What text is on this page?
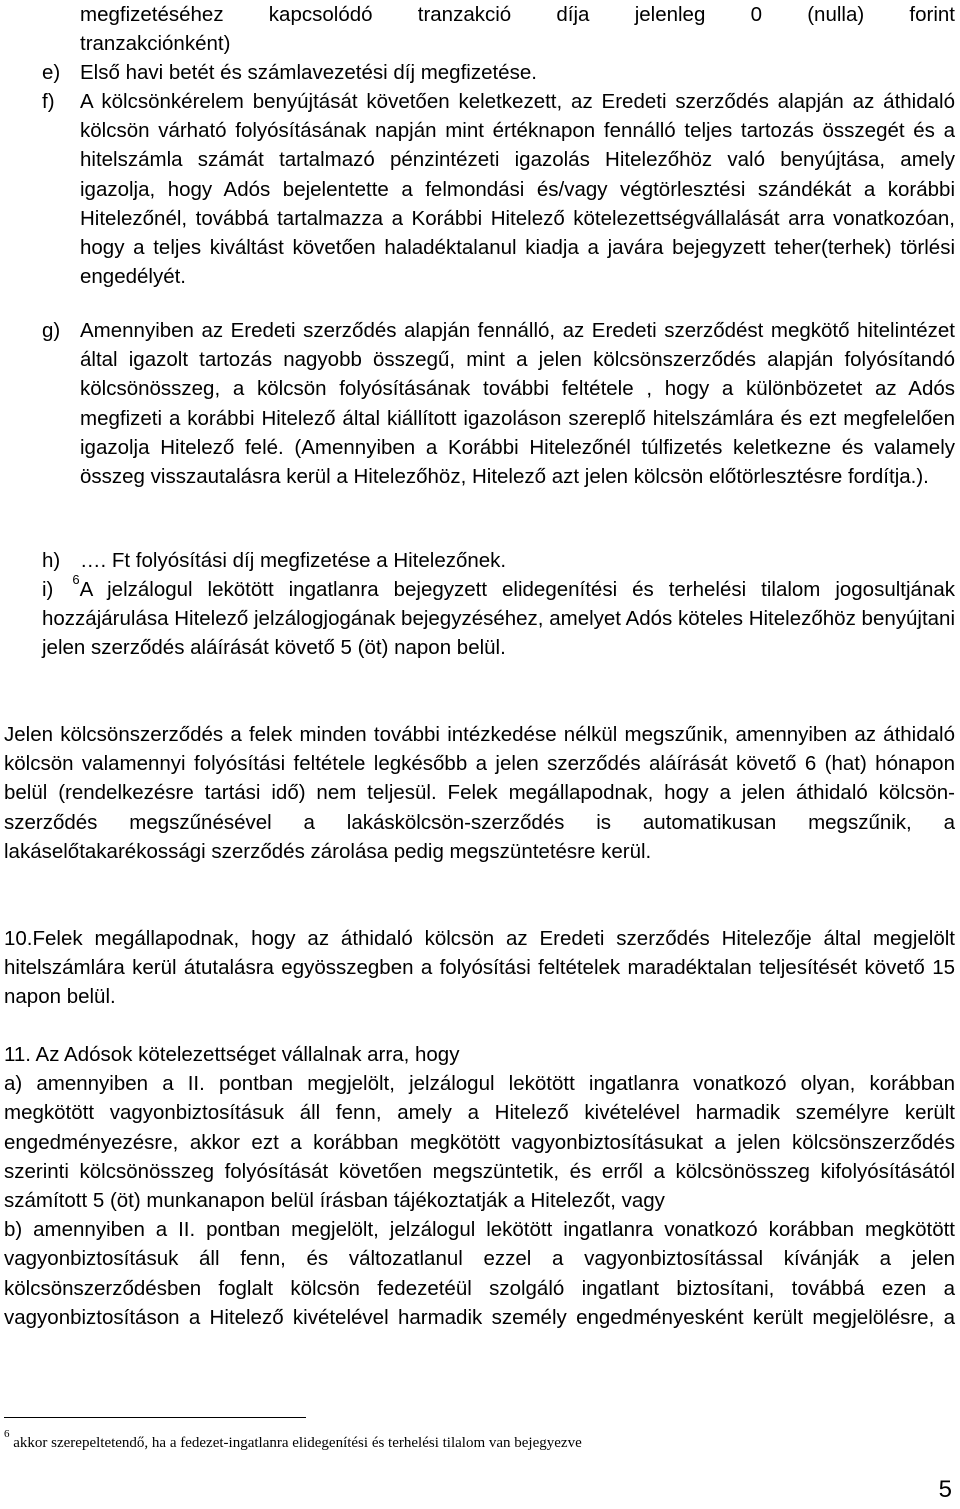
megfizetéséhez kapcsolódó tranzakció díja jelenleg 0 (nulla) forint

tranzakciónként)

e) Első havi betét és számlavezetési díj megfizetése.

f) A kölcsönkérelem benyújtását követően keletkezett, az Eredeti szerződés alapján az áthidaló kölcsön várható folyósításának napján mint értéknapon fennálló teljes tartozás összegét és a hitelszámla számát tartalmazó pénzintézeti igazolás Hitelezőhöz való benyújtása, amely igazolja, hogy Adós bejelentette a felmondási és/vagy végtörlesztési szándékát a korábbi Hitelezőnél, továbbá tartalmazza a Korábbi Hitelező kötelezettségvállalását arra vonatkozóan, hogy a teljes kiváltást követően haladéktalanul kiadja a javára bejegyzett teher(terhek) törlési engedélyét.

g) Amennyiben az Eredeti szerződés alapján fennálló, az Eredeti szerződést megkötő hitelintézet által igazolt tartozás nagyobb összegű, mint a jelen kölcsönszerződés alapján folyósítandó kölcsönösszeg, a kölcsön folyósításának további feltétele , hogy a különbözetet az Adós megfizeti a korábbi Hitelező által kiállított igazoláson szereplő hitelszámlára és ezt megfelelően igazolja Hitelező felé. (Amennyiben a Korábbi Hitelezőnél túlfizetés keletkezne és valamely összeg visszautalásra kerül a Hitelezőhöz, Hitelező azt jelen kölcsön előtörlesztésre fordítja.).

h) …. Ft folyósítási díj megfizetése a Hitelezőnek.

i) $^6$A jelzálogul lekötött ingatlanra bejegyzett elidegenítési és terhelési tilalom jogosultjának hozzájárulása Hitelező jelzálogjogának bejegyzéséhez, amelyet Adós köteles Hitelezőhöz benyújtani jelen szerződés aláírását követő 5 (öt) napon belül.

Jelen kölcsönszerződés a felek minden további intézkedése nélkül megszűnik, amennyiben az áthidaló kölcsön valamennyi folyósítási feltétele legkésőbb a jelen szerződés aláírását követő 6 (hat) hónapon belül (rendelkezésre tartási idő) nem teljesül. Felek megállapodnak, hogy a jelen áthidaló kölcsön-szerződés megszűnésével a lakáskölcsön-szerződés is automatikusan megszűnik, a lakáselőtakarékossági szerződés zárolása pedig megszüntetésre kerül.

10.Felek megállapodnak, hogy az áthidaló kölcsön az Eredeti szerződés Hitelezője által megjelölt hitelszámlára kerül átutalásra egyösszegben a folyósítási feltételek maradéktalan teljesítését követő 15 napon belül.

11. Az Adósok kötelezettséget vállalnak arra, hogy

a) amennyiben a II. pontban megjelölt, jelzálogul lekötött ingatlanra vonatkozó olyan, korábban megkötött vagyonbiztosításuk áll fenn, amely a Hitelező kivételével harmadik személyre került engedményezésre, akkor ezt a korábban megkötött vagyonbiztosításukat a jelen kölcsönszerződés szerinti kölcsönösszeg folyósítását követően megszüntetik, és erről a kölcsönösszeg kifolyósításától számított 5 (öt) munkanapon belül írásban tájékoztatják a Hitelezőt, vagy

b) amennyiben a II. pontban megjelölt, jelzálogul lekötött ingatlanra vonatkozó korábban megkötött vagyonbiztosításuk áll fenn, és változatlanul ezzel a vagyonbiztosítással kívánják a jelen kölcsönszerződésben foglalt kölcsön fedezetéül szolgáló ingatlant biztosítani, továbbá ezen a vagyonbiztosításon a Hitelező kivételével harmadik személy engedményesként került megjelölésre, a

$^6$ akkor szerepeltetendő, ha a fedezet-ingatlanra elidegenítési és terhelési tilalom van bejegyezve
5
